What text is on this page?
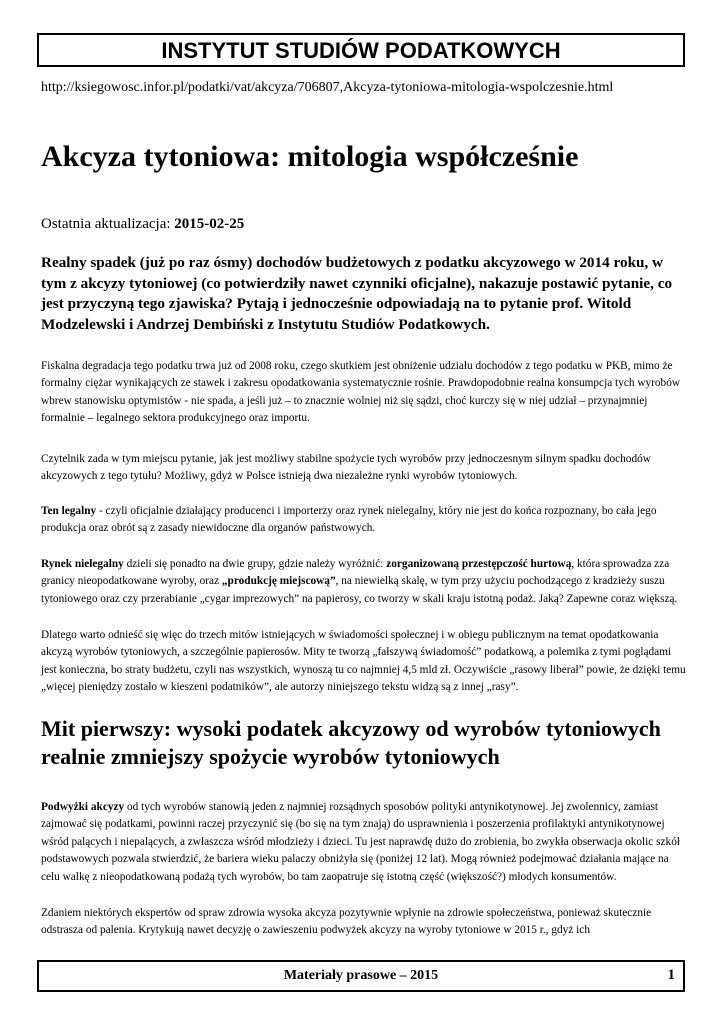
INSTYTUT STUDIÓW PODATKOWYCH
http://ksiegowosc.infor.pl/podatki/vat/akcyza/706807,Akcyza-tytoniowa-mitologia-wspolczesnie.html
Akcyza tytoniowa: mitologia współcześnie
Ostatnia aktualizacja: 2015-02-25

Realny spadek (już po raz ósmy) dochodów budżetowych z podatku akcyzowego w 2014 roku, w tym z akcyzy tytoniowej (co potwierdziły nawet czynniki oficjalne), nakazuje postawić pytanie, co jest przyczyną tego zjawiska? Pytają i jednocześnie odpowiadają na to pytanie prof. Witold Modzelewski i Andrzej Dembiński z Instytutu Studiów Podatkowych.

Fiskalna degradacja tego podatku trwa już od 2008 roku, czego skutkiem jest obniżenie udziału dochodów z tego podatku w PKB, mimo że formalny ciężar wynikających ze stawek i zakresu opodatkowania systematycznie rośnie. Prawdopodobnie realna konsumpcja tych wyrobów wbrew stanowisku optymistów - nie spada, a jeśli już – to znacznie wolniej niż się sądzi, choć kurczy się w niej udział – przynajmniej formalnie – legalnego sektora produkcyjnego oraz importu.

Czytelnik zada w tym miejscu pytanie, jak jest możliwy stabilne spożycie tych wyrobów przy jednoczesnym silnym spadku dochodów akcyzowych z tego tytułu? Możliwy, gdyż w Polsce istnieją dwa niezależne rynki wyrobów tytoniowych.

Ten legalny - czyli oficjalnie działający producenci i importerzy oraz rynek nielegalny, który nie jest do końca rozpoznany, bo cała jego produkcja oraz obrót są z zasady niewidoczne dla organów państwowych.

Rynek nielegalny dzieli się ponadto na dwie grupy, gdzie należy wyróżnić: zorganizowaną przestępczość hurtową, która sprowadza zza granicy nieopodatkowane wyroby, oraz „produkcję miejscową”, na niewielką skalę, w tym przy użyciu pochodzącego z kradzieży suszu tytoniowego oraz czy przerabianie „cygar imprezowych” na papierosy, co tworzy w skali kraju istotną podaż. Jaką? Zapewne coraz większą.

Dlatego warto odnieść się więc do trzech mitów istniejących w świadomości społecznej i w obiegu publicznym na temat opodatkowania akcyzą wyrobów tytoniowych, a szczególnie papierosów. Mity te tworzą „fałszywą świadomość” podatkową, a polemika z tymi poglądami jest konieczna, bo straty budżetu, czyli nas wszystkich, wynoszą tu co najmniej 4,5 mld zł. Oczywiście „rasowy liberał” powie, że dzięki temu „więcej pieniędzy zostało w kieszeni podatników”, ale autorzy niniejszego tekstu widzą są z innej „rasy”.

Mit pierwszy: wysoki podatek akcyzowy od wyrobów tytoniowych realnie zmniejszy spożycie wyrobów tytoniowych

Podwyżki akcyzy od tych wyrobów stanowią jeden z najmniej rozsądnych sposobów polityki antynikotynowej. Jej zwolennicy, zamiast zajmować się podatkami, powinni raczej przyczynić się (bo się na tym znają) do usprawnienia i poszerzenia profilaktyki antynikotynowej wśród palących i niepalących, a zwłaszcza wśród młodzieży i dzieci. Tu jest naprawdę dużo do zrobienia, bo zwykła obserwacja okolic szkół podstawowych pozwala stwierdzić, że bariera wieku palaczy obniżyła się (poniżej 12 lat). Mogą również podejmować działania mające na celu walkę z nieopodatkowaną podażą tych wyrobów, bo tam zaopatruje się istotną część (większość?) młodych konsumentów.

Zdaniem niektórych ekspertów od spraw zdrowia wysoka akcyza pozytywnie wpłynie na zdrowie społeczeństwa, ponieważ skutecznie odstrasza od palenia. Krytykują nawet decyzję o zawieszeniu podwyżek akcyzy na wyroby tytoniowe w 2015 r., gdyż ich

Materiały prasowe – 2015	1
